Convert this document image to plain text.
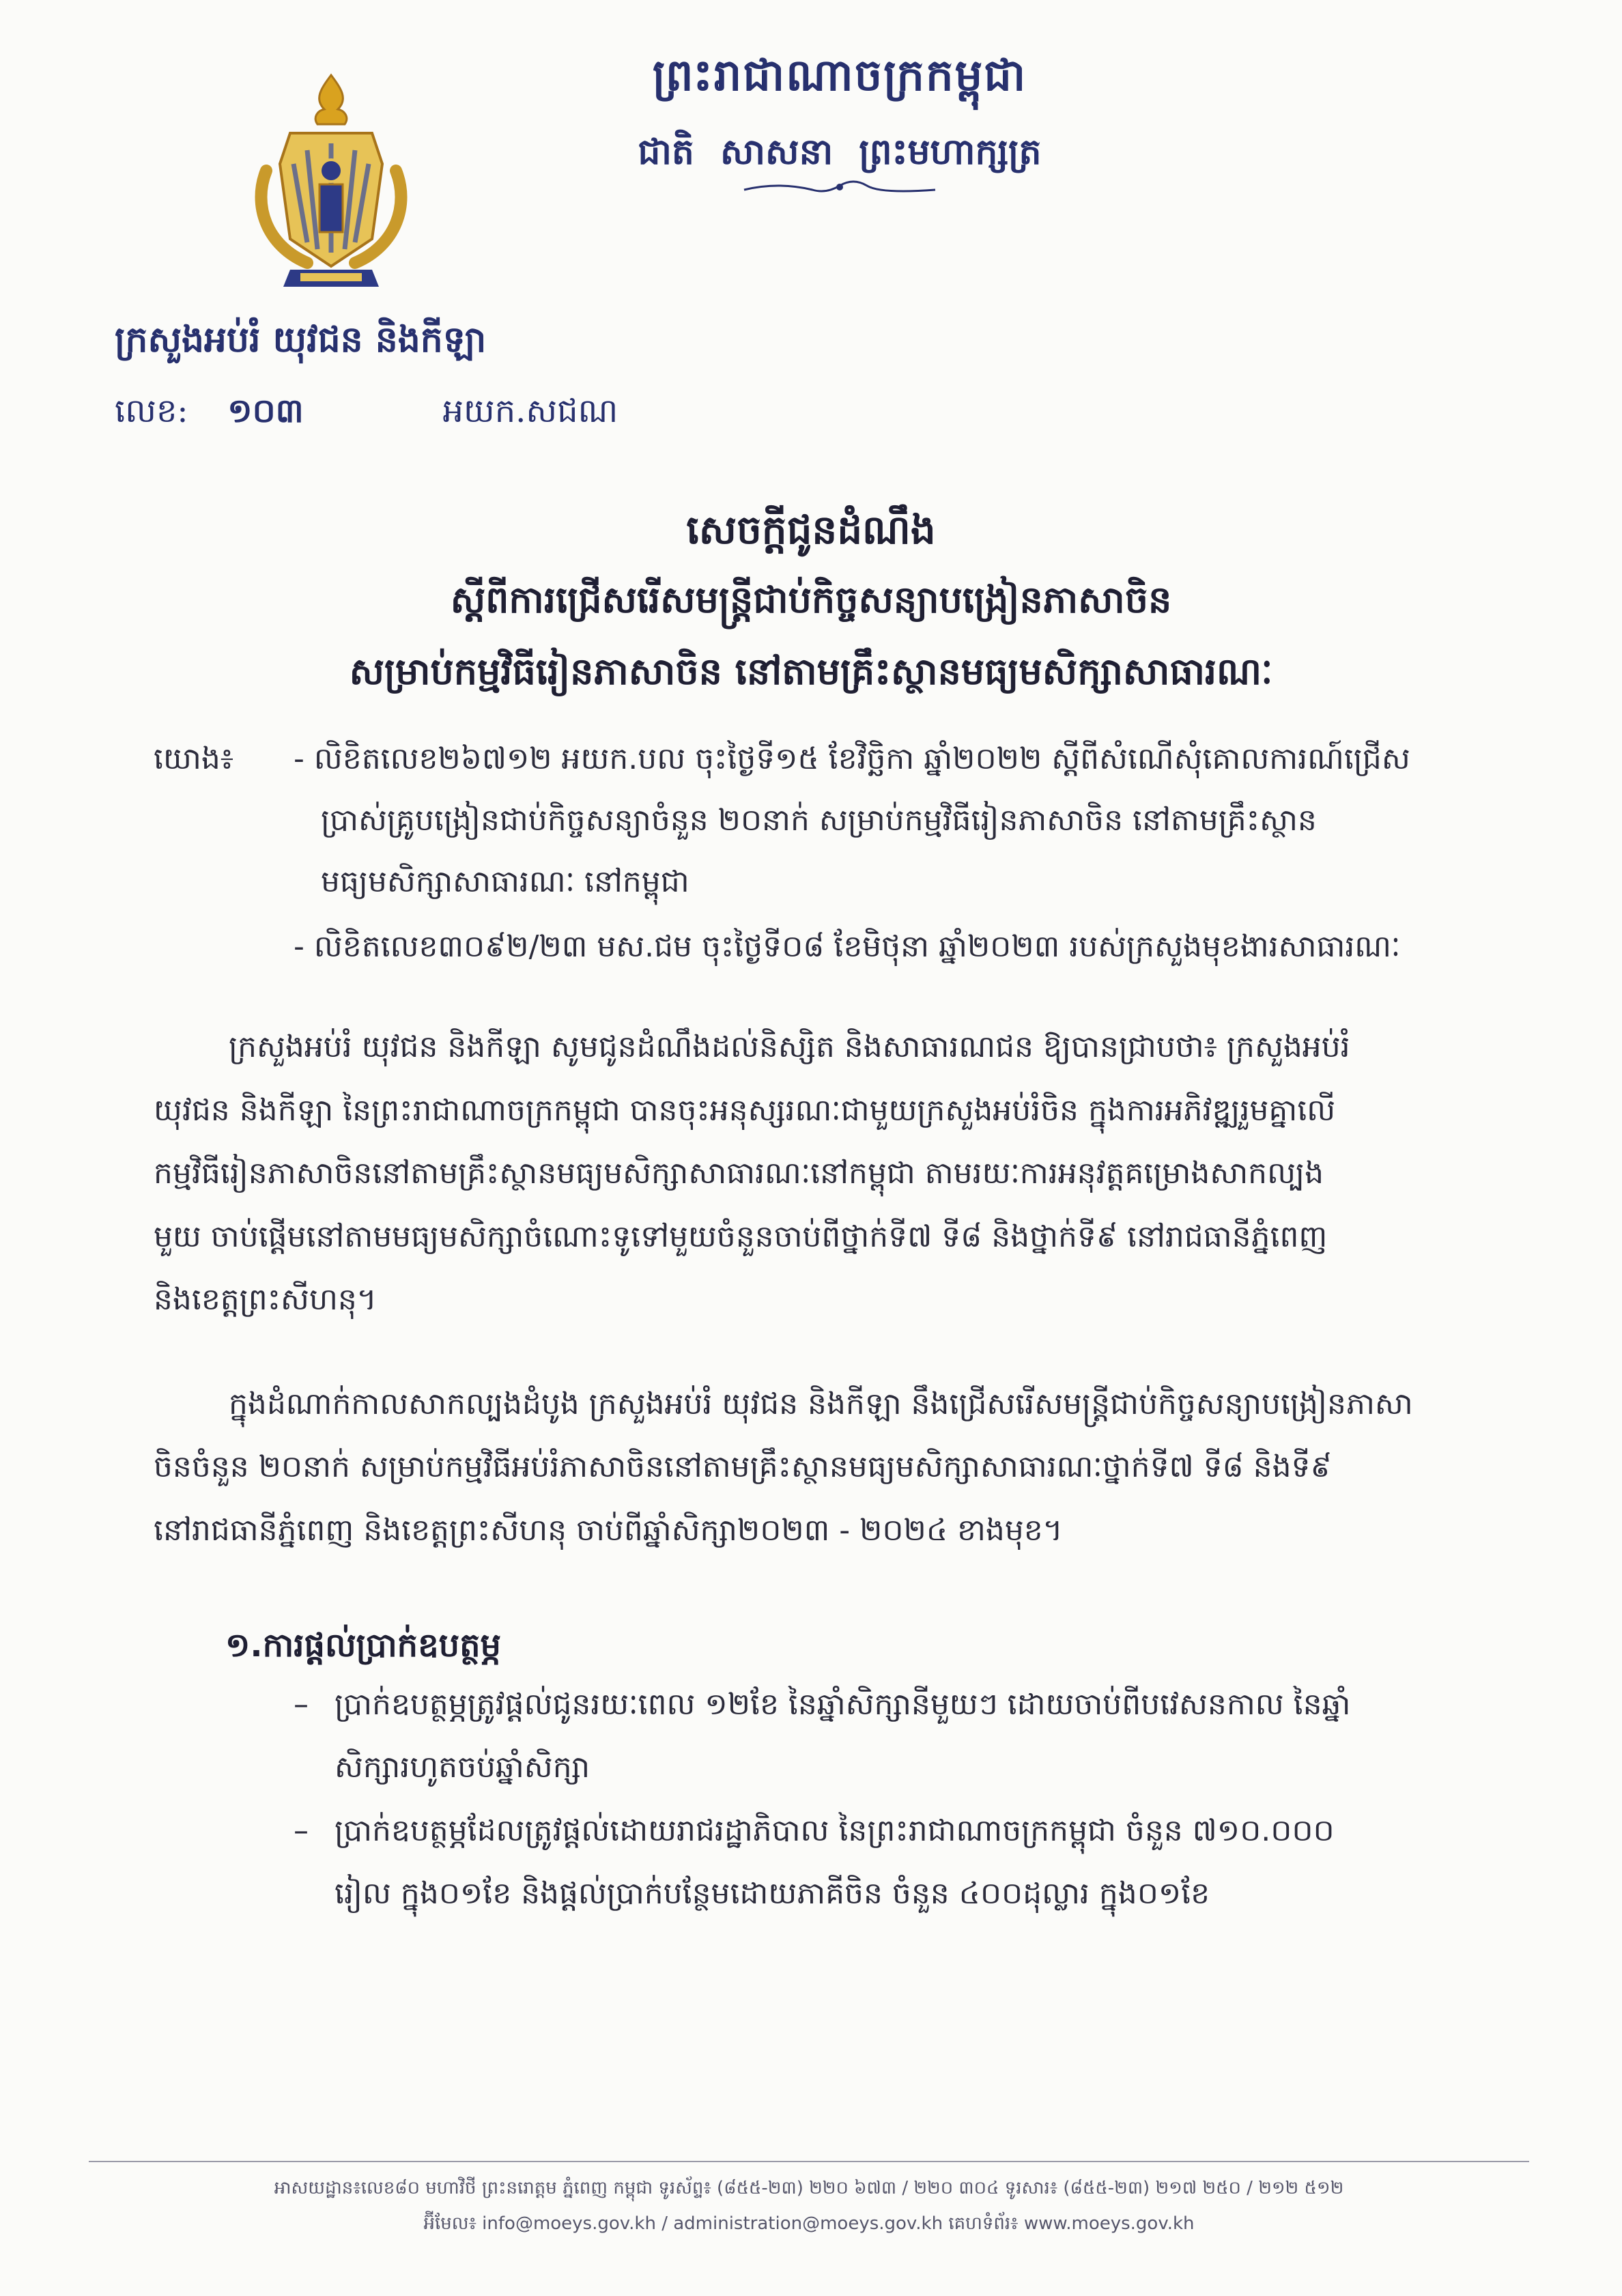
ព្រះរាជាណាចក្រកម្ពុជា
ជាតិ សាសនា ព្រះមហាក្សត្រ
ក្រសួងអប់រំ យុវជន និងកីឡា
លេខ: ១០៣	អយក.សជណ
សេចក្តីជូនដំណឹង
ស្តីពីការជ្រើសរើសមន្ត្រីជាប់កិច្ចសន្យាបង្រៀនភាសាចិន
សម្រាប់កម្មវិធីរៀនភាសាចិន នៅតាមគ្រឹះស្ថានមធ្យមសិក្សាសាធារណៈ
យោង៖ - លិខិតលេខ២៦៧១២ អយក.បល ចុះថ្ងៃទី១៥ ខែវិច្ឆិកា ឆ្នាំ២០២២ ស្តីពីសំណើសុំគោលការណ៍ជ្រើស
ប្រាស់គ្រូបង្រៀនជាប់កិច្ចសន្យាចំនួន ២០នាក់ សម្រាប់កម្មវិធីរៀនភាសាចិន នៅតាមគ្រឹះស្ថាន
មធ្យមសិក្សាសាធារណៈ នៅកម្ពុជា
- លិខិតលេខ៣០៩២/២៣ មស.ជម ចុះថ្ងៃទី០៨ ខែមិថុនា ឆ្នាំ២០២៣ របស់ក្រសួងមុខងារសាធារណៈ
ក្រសួងអប់រំ យុវជន និងកីឡា សូមជូនដំណឹងដល់និស្សិត និងសាធារណជន ឱ្យបានជ្រាបថា៖ ក្រសួងអប់រំ
យុវជន និងកីឡា នៃព្រះរាជាណាចក្រកម្ពុជា បានចុះអនុស្សរណៈជាមួយក្រសួងអប់រំចិន ក្នុងការអភិវឌ្ឍរួមគ្នាលើ
កម្មវិធីរៀនភាសាចិននៅតាមគ្រឹះស្ថានមធ្យមសិក្សាសាធារណៈនៅកម្ពុជា តាមរយៈការអនុវត្តគម្រោងសាកល្បង
មួយ ចាប់ផ្តើមនៅតាមមធ្យមសិក្សាចំណោះទូទៅមួយចំនួនចាប់ពីថ្នាក់ទី៧ ទី៨ និងថ្នាក់ទី៩ នៅរាជធានីភ្នំពេញ
និងខេត្តព្រះសីហនុ។
ក្នុងដំណាក់កាលសាកល្បងដំបូង ក្រសួងអប់រំ យុវជន និងកីឡា នឹងជ្រើសរើសមន្ត្រីជាប់កិច្ចសន្យាបង្រៀនភាសា
ចិនចំនួន ២០នាក់ សម្រាប់កម្មវិធីអប់រំភាសាចិននៅតាមគ្រឹះស្ថានមធ្យមសិក្សាសាធារណៈថ្នាក់ទី៧ ទី៨ និងទី៩
នៅរាជធានីភ្នំពេញ និងខេត្តព្រះសីហនុ ចាប់ពីឆ្នាំសិក្សា២០២៣ - ២០២៤ ខាងមុខ។
១.ការផ្តល់ប្រាក់ឧបត្ថម្ភ
– ប្រាក់ឧបត្ថម្ភត្រូវផ្តល់ជូនរយៈពេល ១២ខែ នៃឆ្នាំសិក្សានីមួយៗ ដោយចាប់ពីបវេសនកាល នៃឆ្នាំ
សិក្សារហូតចប់ឆ្នាំសិក្សា
– ប្រាក់ឧបត្ថម្ភដែលត្រូវផ្តល់ដោយរាជរដ្ឋាភិបាល នៃព្រះរាជាណាចក្រកម្ពុជា ចំនួន ៧១០.០០០
រៀល ក្នុង០១ខែ និងផ្តល់ប្រាក់បន្ថែមដោយភាគីចិន ចំនួន ៤០០ដុល្លារ ក្នុង០១ខែ
អាសយដ្ឋាន៖លេខ៨០ មហាវិថី ព្រះនរោត្តម ភ្នំពេញ កម្ពុជា ទូរស័ព្ទ៖ (៨៥៥-២៣) ២២០ ៦៧៣ / ២២០ ៣០៤ ទូរសារ៖ (៨៥៥-២៣) ២១៧ ២៥០ / ២១២ ៥១២
អ៊ីមែល៖ info@moeys.gov.kh / administration@moeys.gov.kh គេហទំព័រ៖ www.moeys.gov.kh
